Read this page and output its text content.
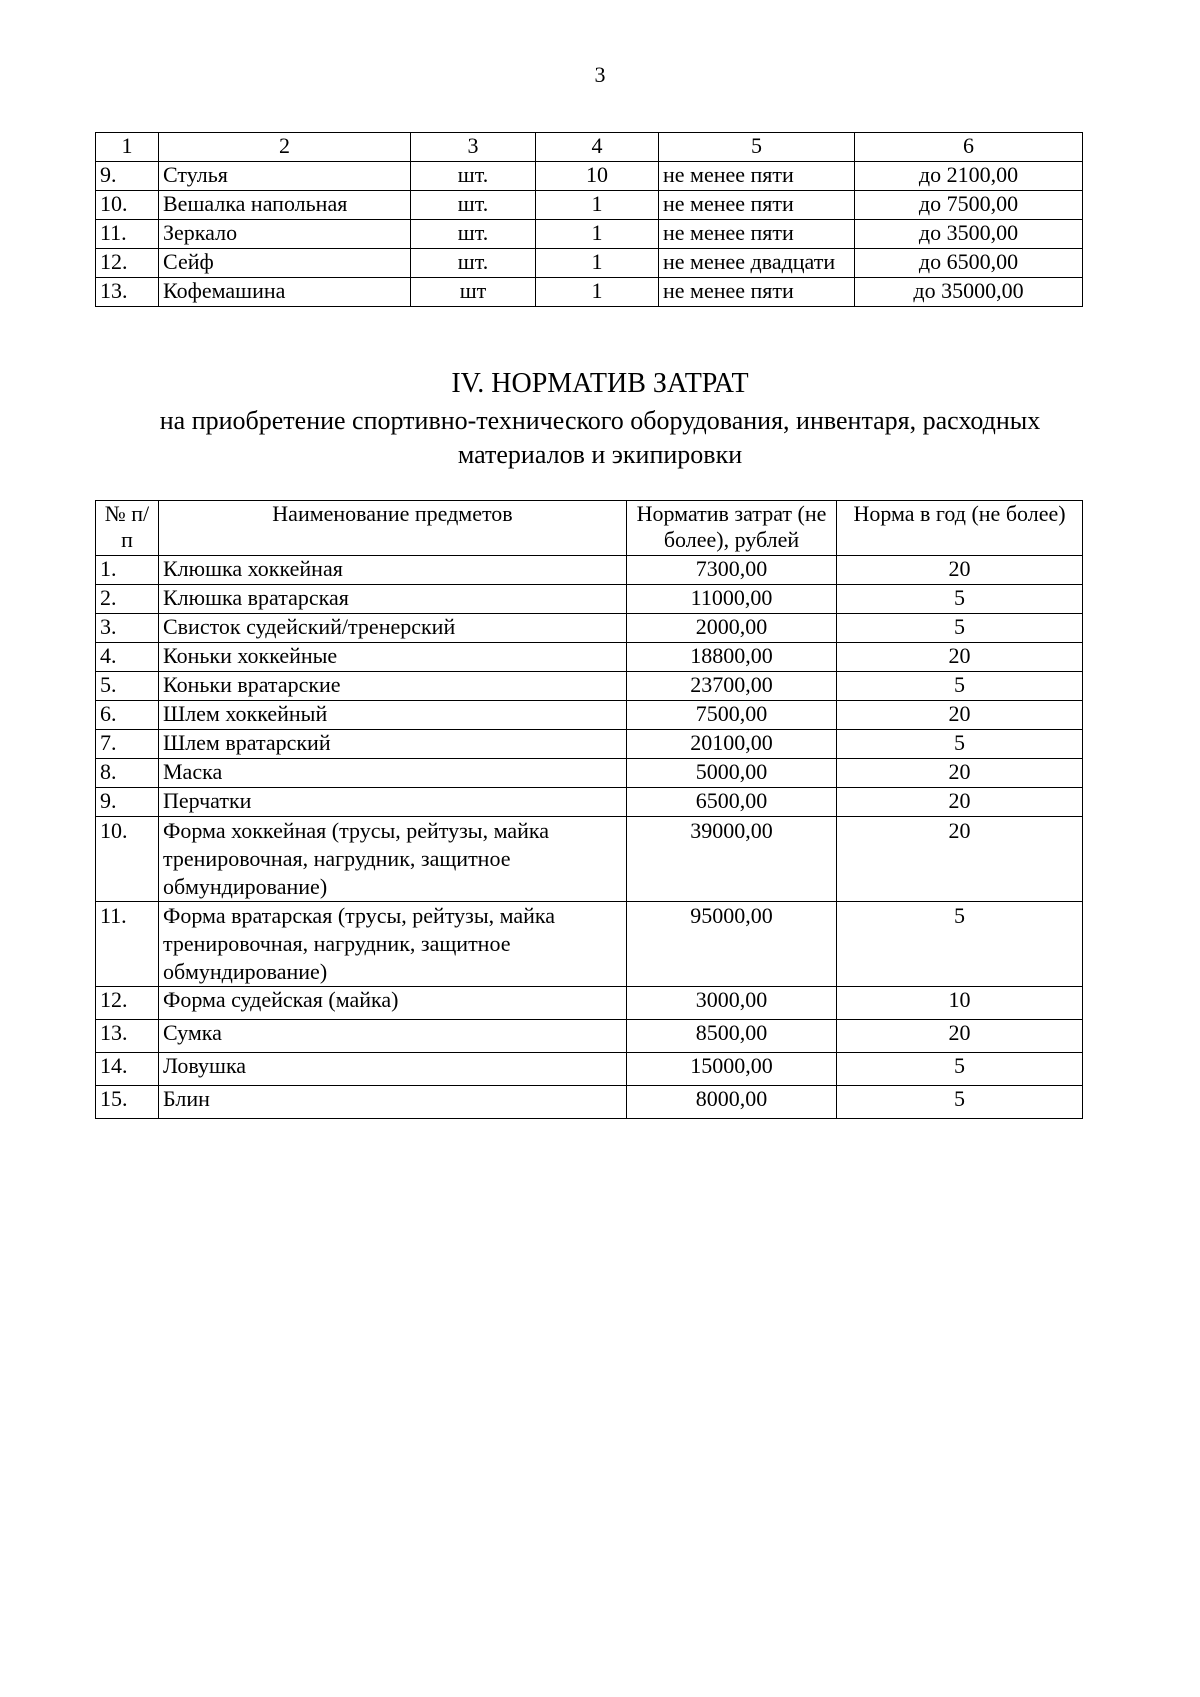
3
1	2	3	4	5	6
9.	Стулья	шт.	10	не менее пяти	до 2100,00
10.	Вешалка напольная	шт.	1	не менее пяти	до 7500,00
11.	Зеркало	шт.	1	не менее пяти	до 3500,00
12.	Сейф	шт.	1	не менее двадцати	до 6500,00
13.	Кофемашина	шт	1	не менее пяти	до 35000,00
IV. НОРМАТИВ ЗАТРАТ
на приобретение спортивно-технического оборудования, инвентаря, расходных
материалов и экипировки
№ п/п	Наименование предметов	Норматив затрат (не более), рублей	Норма в год (не более)
1.	Клюшка хоккейная	7300,00	20
2.	Клюшка вратарская	11000,00	5
3.	Свисток судейский/тренерский	2000,00	5
4.	Коньки хоккейные	18800,00	20
5.	Коньки вратарские	23700,00	5
6.	Шлем хоккейный	7500,00	20
7.	Шлем вратарский	20100,00	5
8.	Маска	5000,00	20
9.	Перчатки	6500,00	20
10.	Форма хоккейная (трусы, рейтузы, майка тренировочная, нагрудник, защитное обмундирование)	39000,00	20
11.	Форма вратарская (трусы, рейтузы, майка тренировочная, нагрудник, защитное обмундирование)	95000,00	5
12.	Форма судейская (майка)	3000,00	10
13.	Сумка	8500,00	20
14.	Ловушка	15000,00	5
15.	Блин	8000,00	5
